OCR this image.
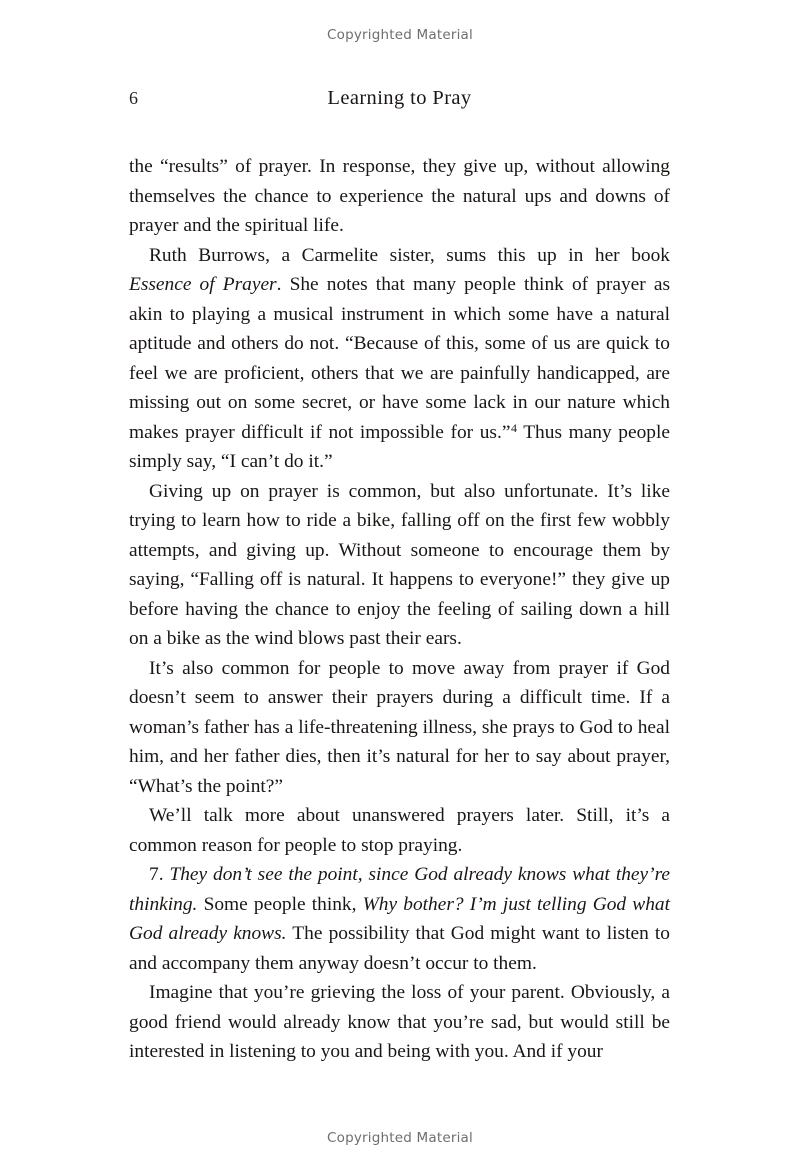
Copyrighted Material
6	Learning to Pray

the “results” of prayer. In response, they give up, without allowing themselves the chance to experience the natural ups and downs of prayer and the spiritual life.

Ruth Burrows, a Carmelite sister, sums this up in her book Essence of Prayer. She notes that many people think of prayer as akin to playing a musical instrument in which some have a natural aptitude and others do not. “Because of this, some of us are quick to feel we are proficient, others that we are painfully handicapped, are missing out on some secret, or have some lack in our nature which makes prayer difficult if not impossible for us.”$^4$ Thus many people simply say, “I can’t do it.”

Giving up on prayer is common, but also unfortunate. It’s like trying to learn how to ride a bike, falling off on the first few wobbly attempts, and giving up. Without someone to encourage them by saying, “Falling off is natural. It happens to everyone!” they give up before having the chance to enjoy the feeling of sailing down a hill on a bike as the wind blows past their ears.

It’s also common for people to move away from prayer if God doesn’t seem to answer their prayers during a difficult time. If a woman’s father has a life-threatening illness, she prays to God to heal him, and her father dies, then it’s natural for her to say about prayer, “What’s the point?”

We’ll talk more about unanswered prayers later. Still, it’s a common reason for people to stop praying.

7. They don’t see the point, since God already knows what they’re thinking. Some people think, Why bother? I’m just telling God what God already knows. The possibility that God might want to listen to and accompany them anyway doesn’t occur to them.

Imagine that you’re grieving the loss of your parent. Obviously, a good friend would already know that you’re sad, but would still be interested in listening to you and being with you. And if your

Copyrighted Material
